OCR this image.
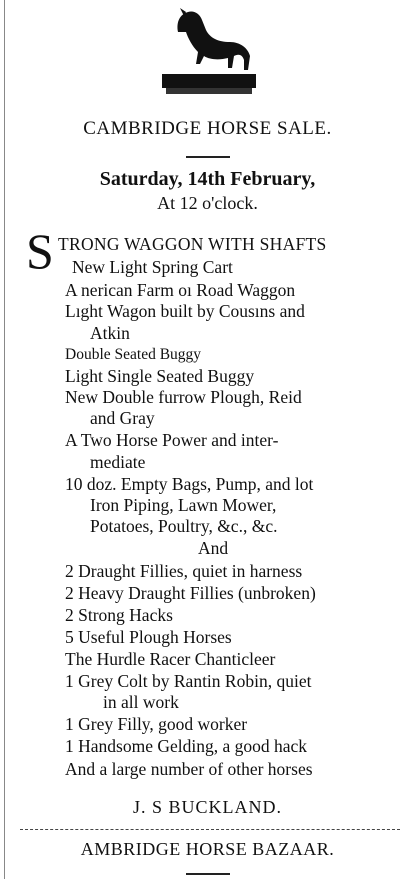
CAMBRIDGE HORSE SALE.
Saturday, 14th February,
At 12 o'clock.
S TRONG WAGGON WITH SHAFTS
New Light Spring Cart
A nerican Farm oı Road Waggon
Lıght Wagon built by Cousıns and
Atkin
Double Seated Buggy
Light Single Seated Buggy
New Double furrow Plough, Reid
and Gray
A Two Horse Power and inter-
mediate
10 doz. Empty Bags, Pump, and lot
Iron Piping, Lawn Mower,
Potatoes, Poultry, &c., &c.
And
2 Draught Fillies, quiet in harness
2 Heavy Draught Fillies (unbroken)
2 Strong Hacks
5 Useful Plough Horses
The Hurdle Racer Chanticleer
1 Grey Colt by Rantin Robin, quiet
in all work
1 Grey Filly, good worker
1 Handsome Gelding, a good hack
And a large number of other horses
J. S BUCKLAND.
AMBRIDGE HORSE BAZAAR.
